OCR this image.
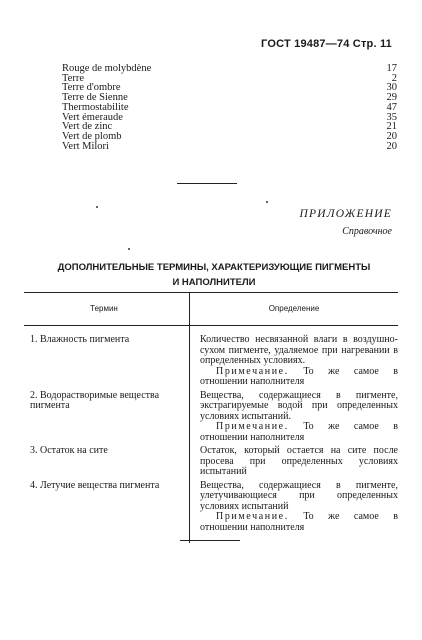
ГОСТ 19487—74 Стр. 11
Rouge de molybdène	17
Terre	2
Terre d'ombre	30
Terre de Sienne	29
Thermostabilite	47
Vert émeraude	35
Vert de zinc	21
Vert de plomb	20
Vert Milori	20
ПРИЛОЖЕНИЕ
Справочное
ДОПОЛНИТЕЛЬНЫЕ ТЕРМИНЫ, ХАРАКТЕРИЗУЮЩИЕ ПИГМЕНТЫ
И НАПОЛНИТЕЛИ
Термин	Определение

1. Влажность пигмента	Количество несвязанной влаги в воздушно-сухом пигменте, удаляемое при нагревании в определенных условиях.
Примечание. То же самое в отношении наполнителя

2. Водорастворимые вещества пигмента	Вещества, содержащиеся в пигменте, экстрагируемые водой при определенных условиях испытаний.
Примечание. То же самое в отношении наполнителя

3. Остаток на сите	Остаток, который остается на сите после просева при определенных условиях испытаний

4. Летучие вещества пигмента	Вещества, содержащиеся в пигменте, улетучивающиеся при определенных условиях испытаний
Примечание. То же самое в отношении наполнителя
